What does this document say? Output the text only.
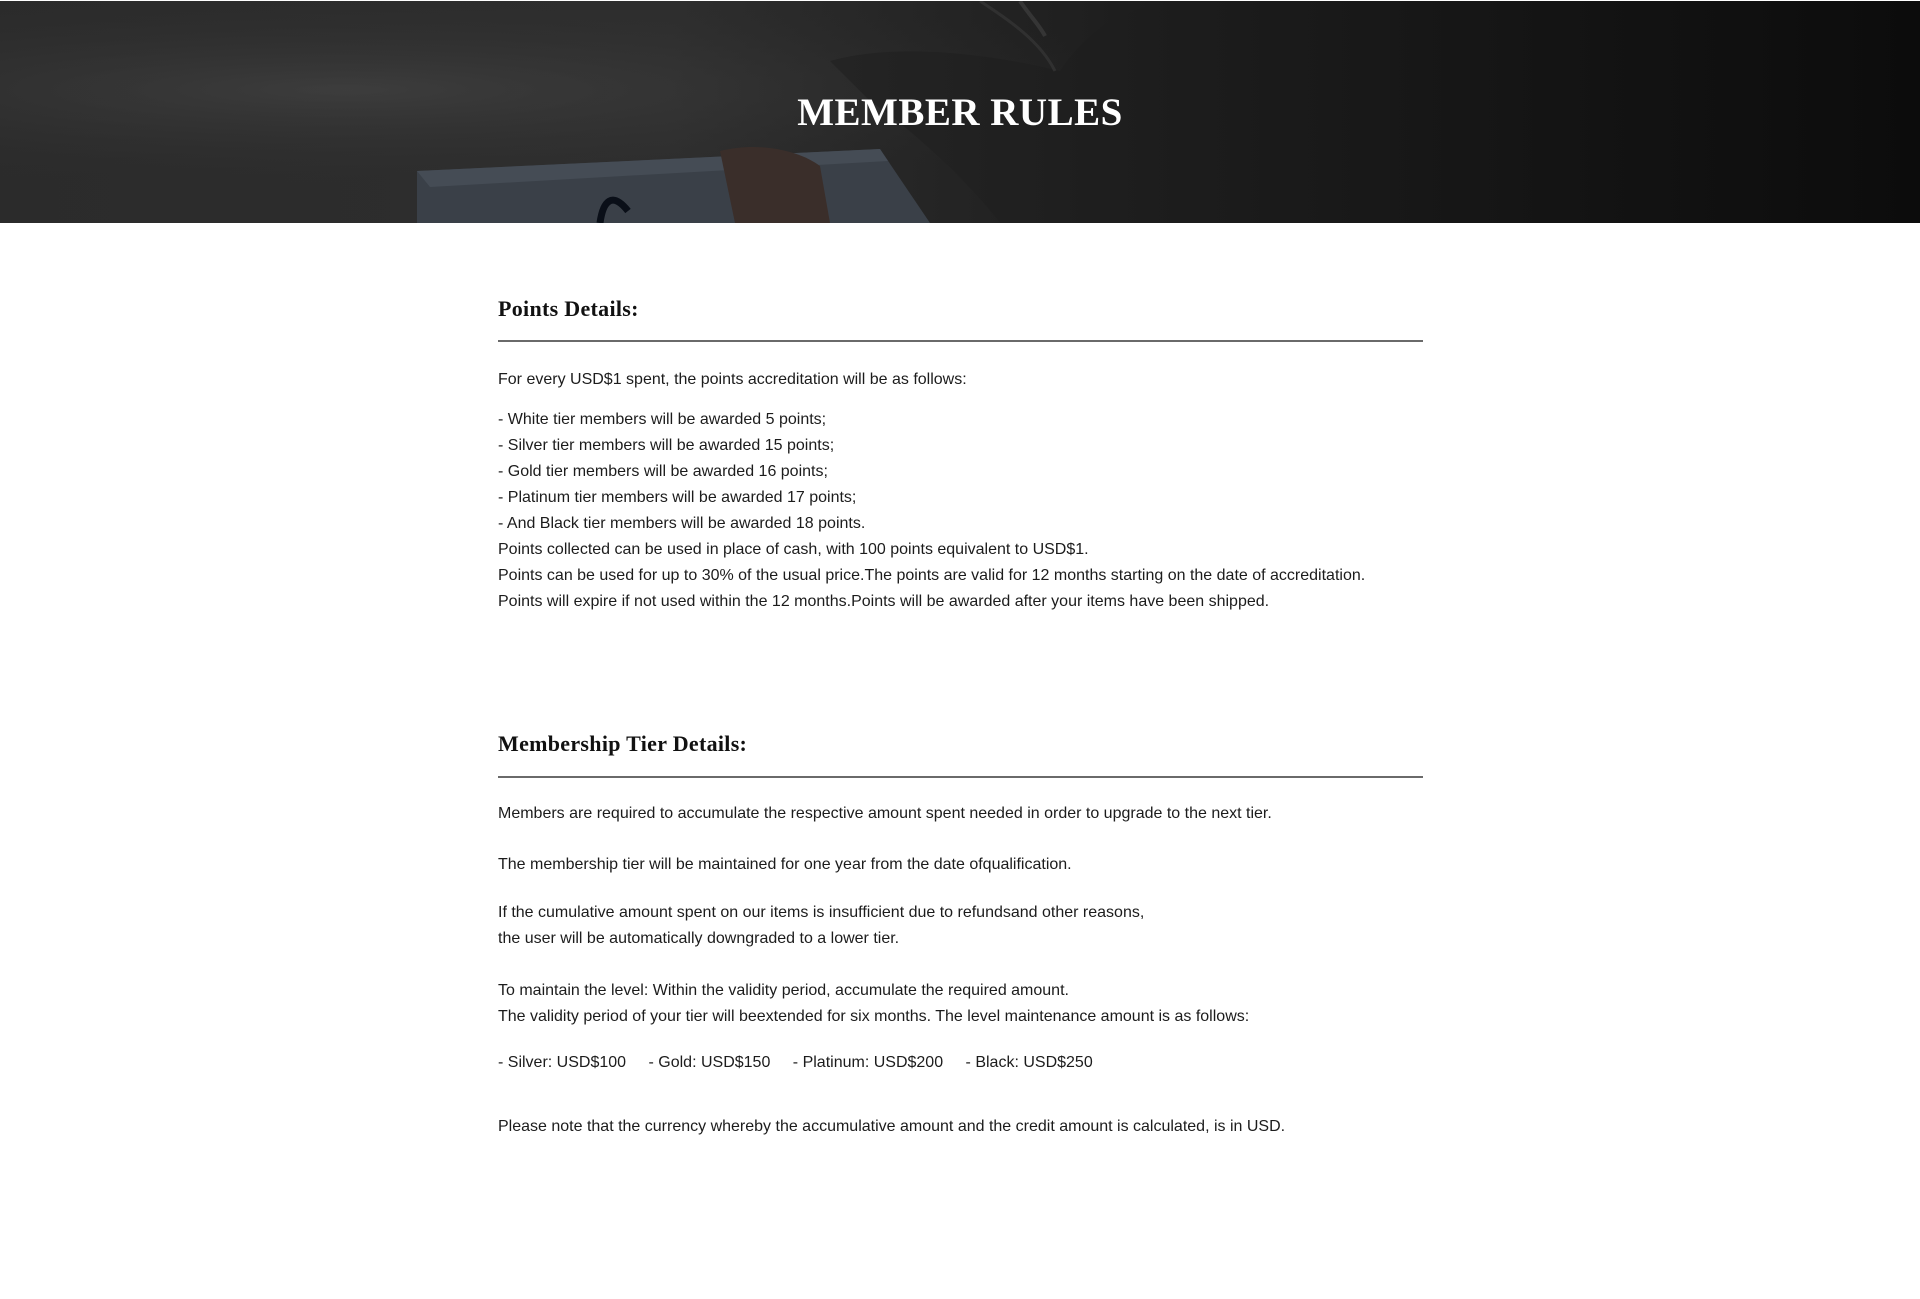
MEMBER RULES
Points Details:
For every USD$1 spent, the points accreditation will be as follows:
- White tier members will be awarded 5 points;
- Silver tier members will be awarded 15 points;
- Gold tier members will be awarded 16 points;
- Platinum tier members will be awarded 17 points;
- And Black tier members will be awarded 18 points.
Points collected can be used in place of cash, with 100 points equivalent to USD$1.
Points can be used for up to 30% of the usual price.The points are valid for 12 months starting on the date of accreditation.
Points will expire if not used within the 12 months.Points will be awarded after your items have been shipped.
Membership Tier Details:
Members are required to accumulate the respective amount spent needed in order to upgrade to the next tier.
The membership tier will be maintained for one year from the date ofqualification.
If the cumulative amount spent on our items is insufficient due to refundsand other reasons,
the user will be automatically downgraded to a lower tier.
To maintain the level: Within the validity period, accumulate the required amount.
The validity period of your tier will beextended for six months. The level maintenance amount is as follows:
- Silver: USD$100 - Gold: USD$150 - Platinum: USD$200 - Black: USD$250
Please note that the currency whereby the accumulative amount and the credit amount is calculated, is in USD.
